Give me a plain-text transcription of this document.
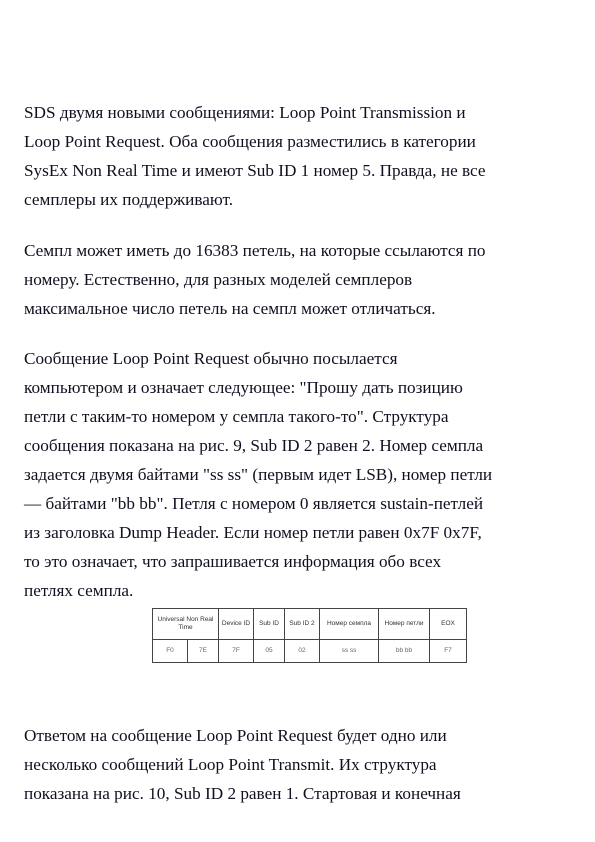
SDS двумя новыми сообщениями: Loop Point Transmission и
Loop Point Request. Оба сообщения разместились в категории
SysEx Non Real Time и имеют Sub ID 1 номер 5. Правда, не все
семплеры их поддерживают.

Семпл может иметь до 16383 петель, на которые ссылаются по
номеру. Естественно, для разных моделей семплеров
максимальное число петель на семпл может отличаться.

Сообщение Loop Point Request обычно посылается
компьютером и означает следующее: "Прошу дать позицию
петли с таким-то номером у семпла такого-то". Структура
сообщения показана на рис. 9, Sub ID 2 равен 2. Номер семпла
задается двумя байтами "ss ss" (первым идет LSB), номер петли
— байтами "bb bb". Петля с номером 0 является sustain-петлей
из заголовка Dump Header. Если номер петли равен 0x7F 0x7F,
то это означает, что запрашивается информация обо всех
петлях семпла.

Universal Non Real Time		Device ID	Sub ID	Sub ID 2	Номер семпла	Номер петли	EOX
F0	7E	7F	05	02	ss ss	bb bb	F7

Ответом на сообщение Loop Point Request будет одно или
несколько сообщений Loop Point Transmit. Их структура
показана на рис. 10, Sub ID 2 равен 1. Стартовая и конечная
